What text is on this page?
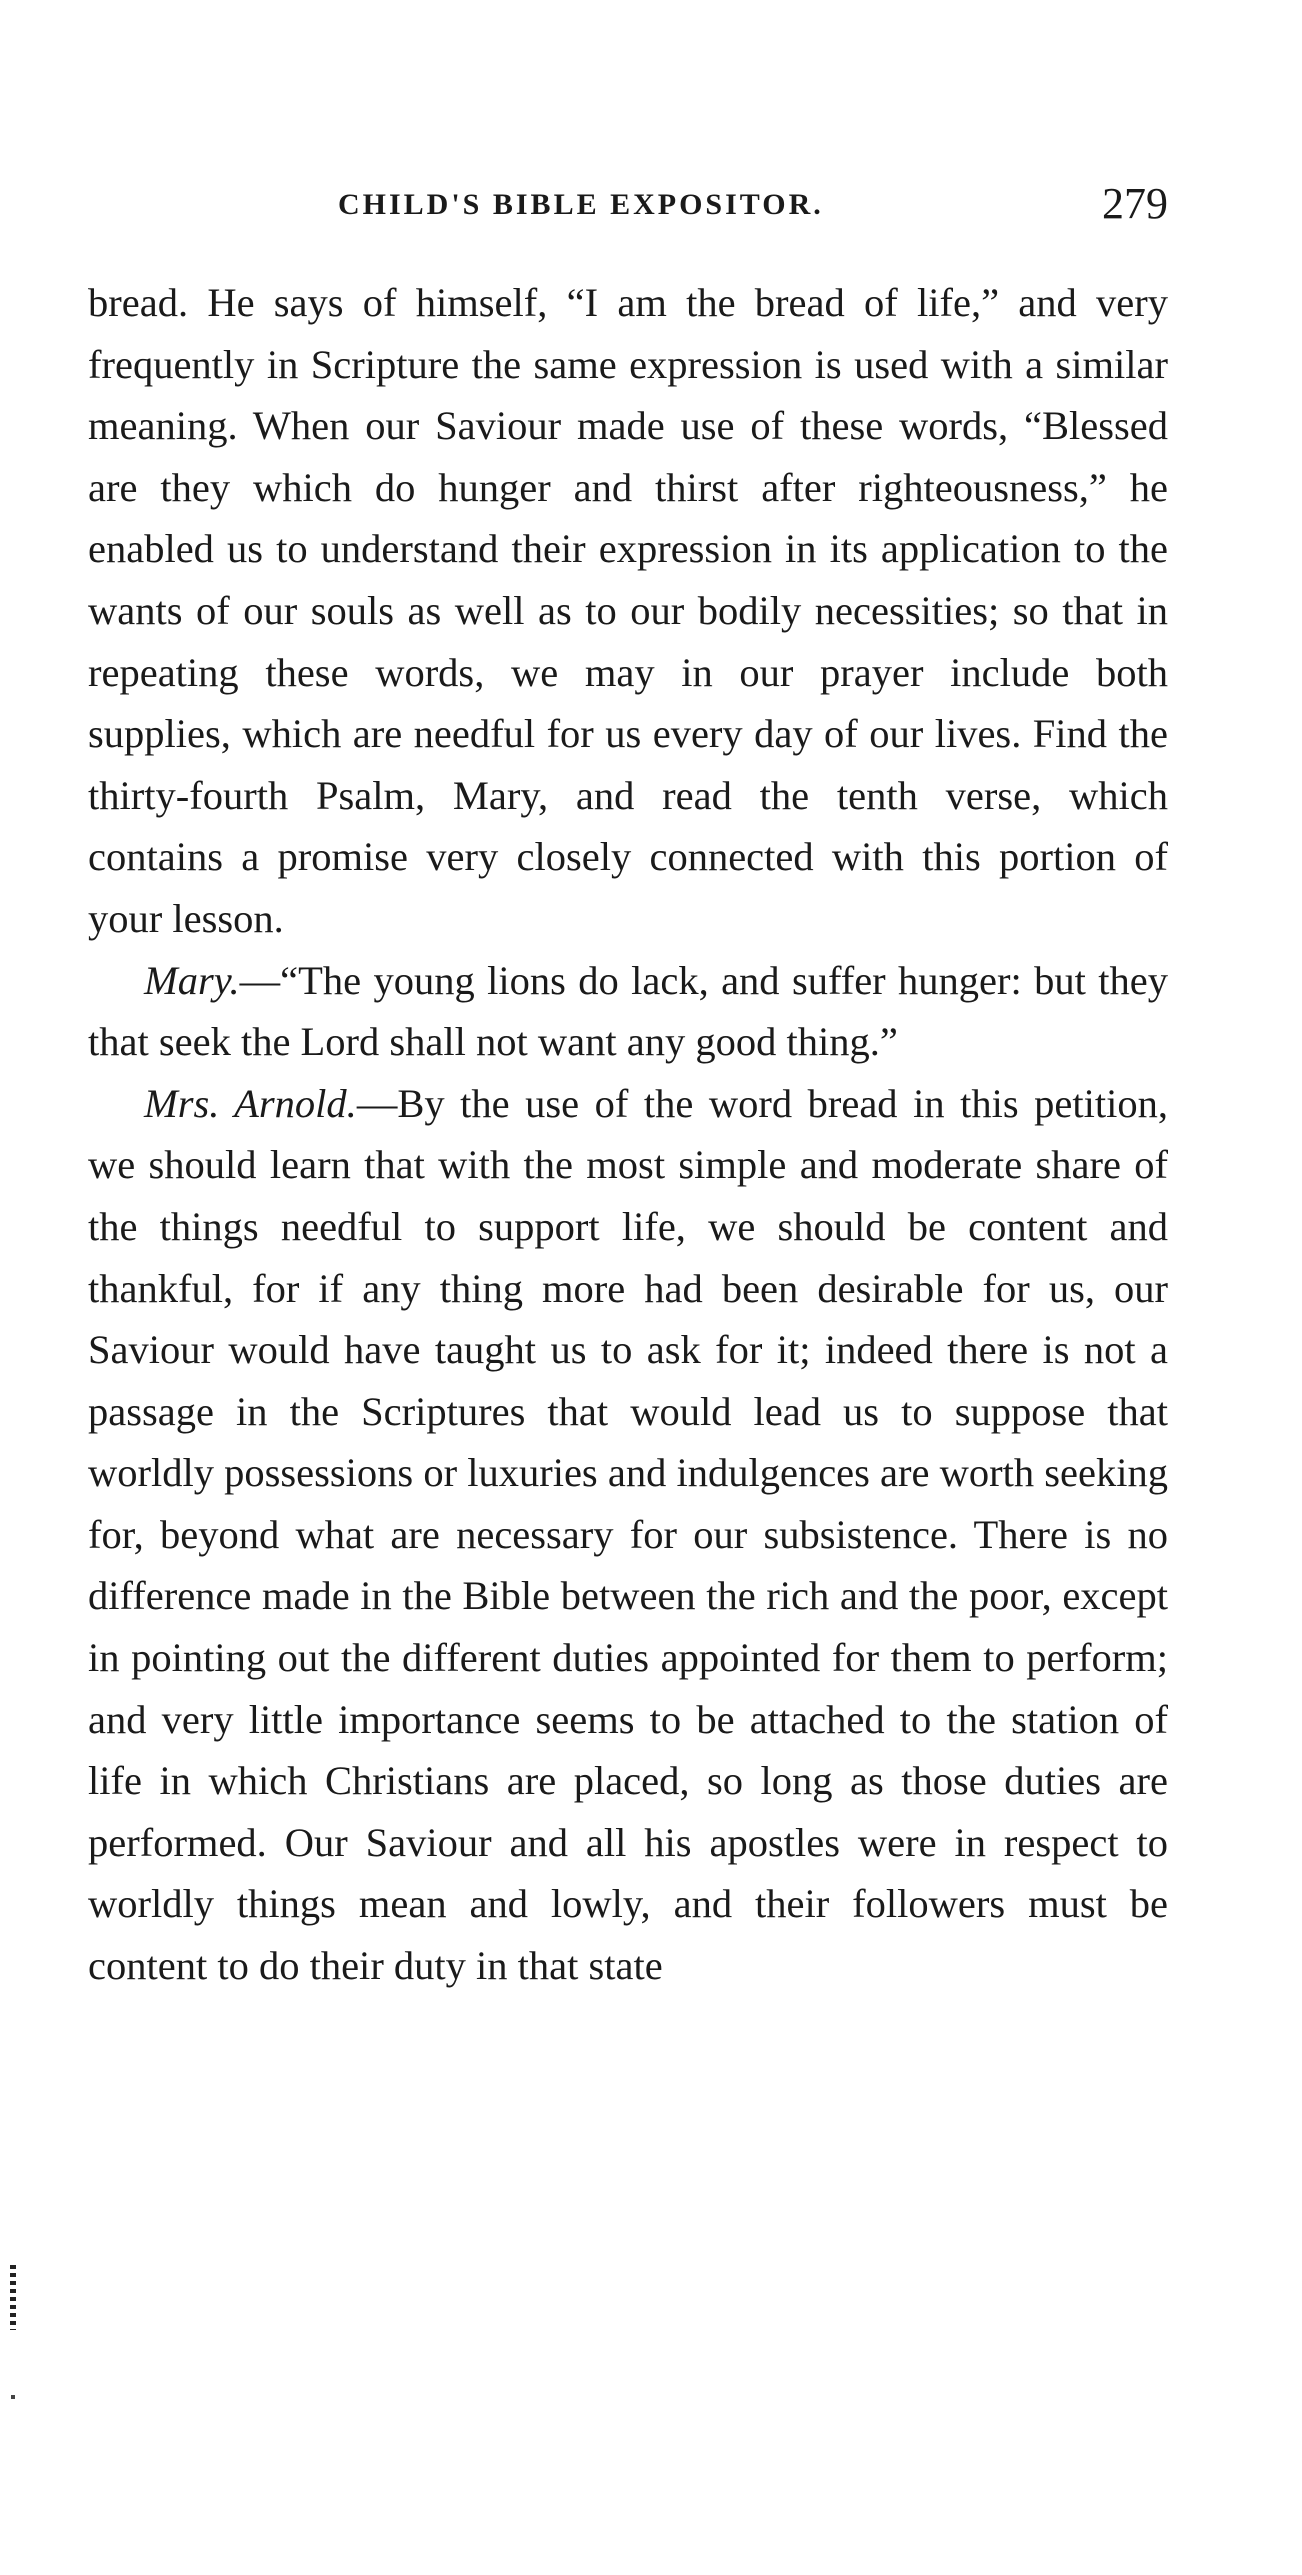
CHILD'S BIBLE EXPOSITOR.	279

bread. He says of himself, “I am the bread of life,” and very frequently in Scripture the same expression is used with a similar meaning. When our Saviour made use of these words, “Blessed are they which do hunger and thirst after righteousness,” he enabled us to understand their expression in its application to the wants of our souls as well as to our bodily necessities; so that in repeating these words, we may in our prayer include both supplies, which are needful for us every day of our lives. Find the thirty-fourth Psalm, Mary, and read the tenth verse, which contains a promise very closely connected with this portion of your lesson.

Mary.—“The young lions do lack, and suffer hunger: but they that seek the Lord shall not want any good thing.”

Mrs. Arnold.—By the use of the word bread in this petition, we should learn that with the most simple and moderate share of the things needful to support life, we should be content and thankful, for if any thing more had been desirable for us, our Saviour would have taught us to ask for it; indeed there is not a passage in the Scriptures that would lead us to suppose that worldly possessions or luxuries and indulgences are worth seeking for, beyond what are necessary for our subsistence. There is no difference made in the Bible between the rich and the poor, except in pointing out the different duties appointed for them to perform; and very little importance seems to be attached to the station of life in which Christians are placed, so long as those duties are performed. Our Saviour and all his apostles were in respect to worldly things mean and lowly, and their followers must be content to do their duty in that state
